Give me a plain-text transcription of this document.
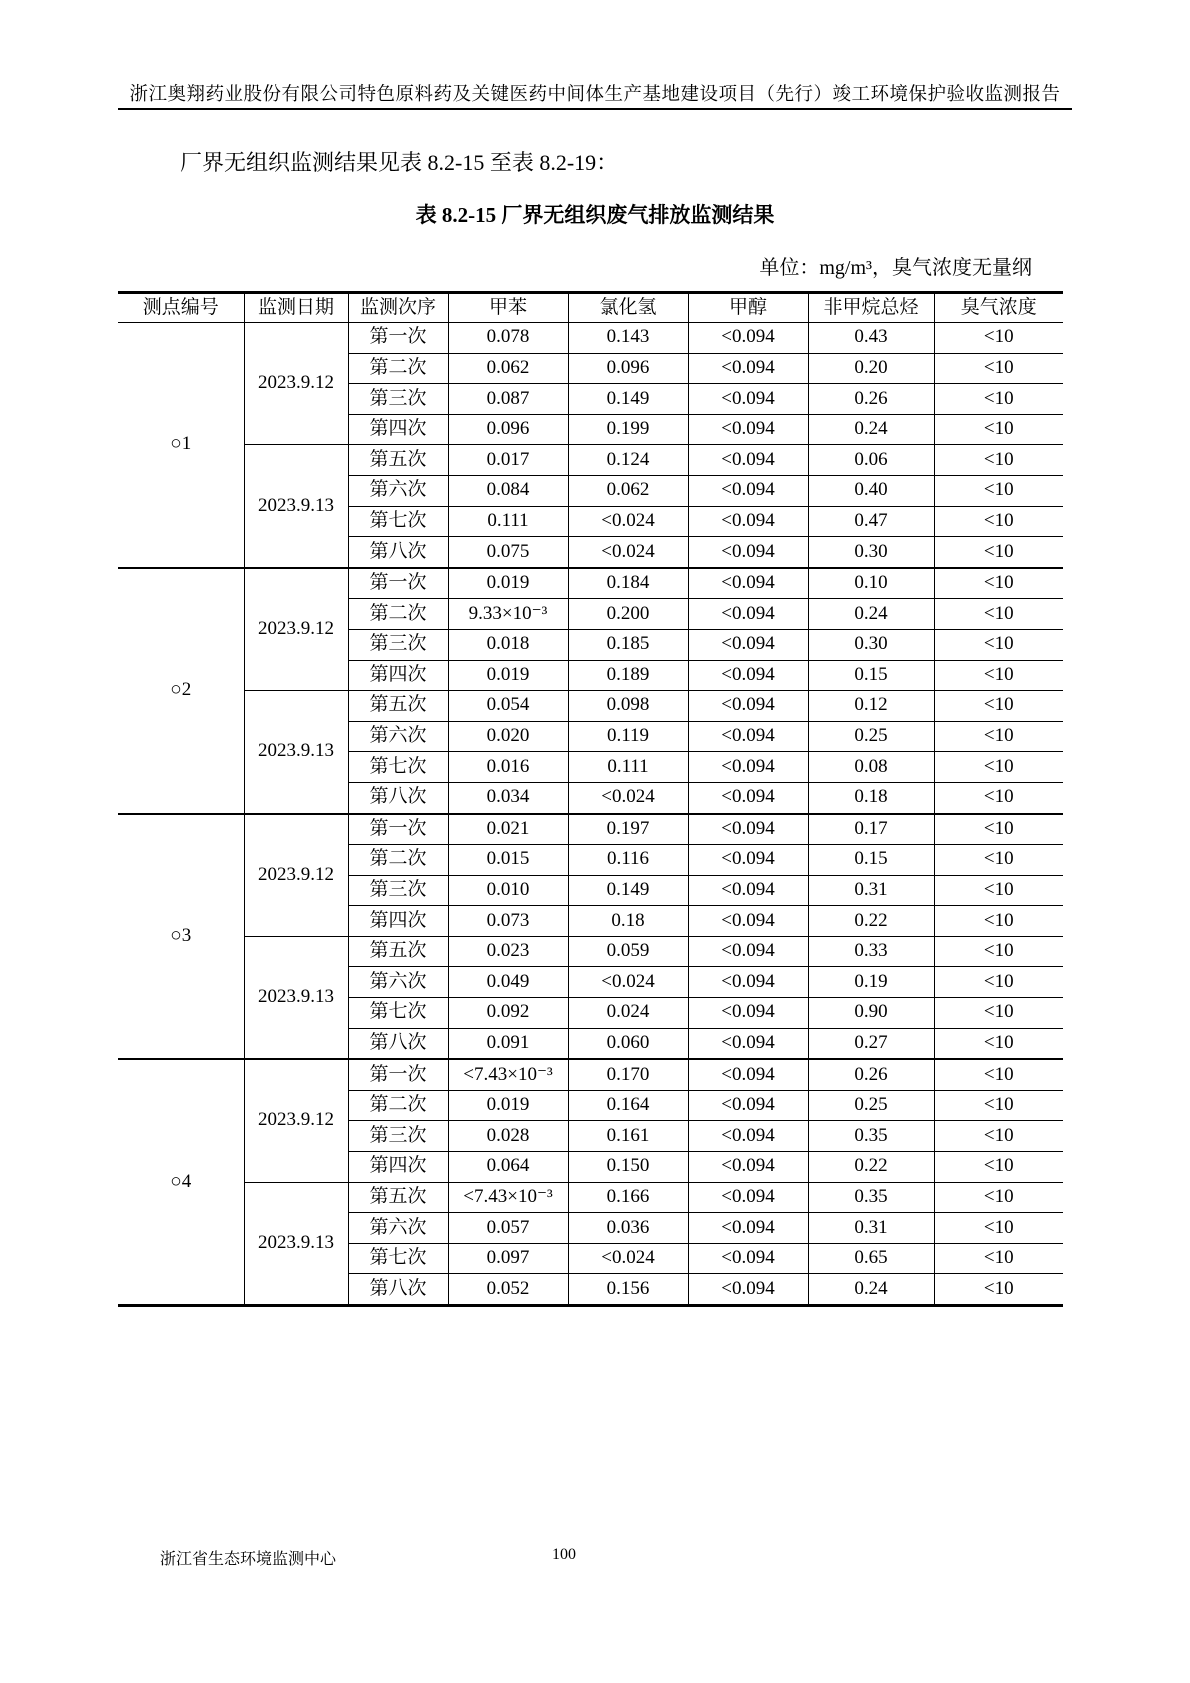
浙江奥翔药业股份有限公司特色原料药及关键医药中间体生产基地建设项目（先行）竣工环境保护验收监测报告
厂界无组织监测结果见表 8.2-15 至表 8.2-19：
表 8.2-15 厂界无组织废气排放监测结果
单位：mg/m³，臭气浓度无量纲
测点编号	监测日期	监测次序	甲苯	氯化氢	甲醇	非甲烷总烃	臭气浓度
○1	2023.9.12	第一次	0.078	0.143	<0.094	0.43	<10
		第二次	0.062	0.096	<0.094	0.20	<10
		第三次	0.087	0.149	<0.094	0.26	<10
		第四次	0.096	0.199	<0.094	0.24	<10
	2023.9.13	第五次	0.017	0.124	<0.094	0.06	<10
		第六次	0.084	0.062	<0.094	0.40	<10
		第七次	0.111	<0.024	<0.094	0.47	<10
		第八次	0.075	<0.024	<0.094	0.30	<10
○2	2023.9.12	第一次	0.019	0.184	<0.094	0.10	<10
		第二次	9.33×10⁻³	0.200	<0.094	0.24	<10
		第三次	0.018	0.185	<0.094	0.30	<10
		第四次	0.019	0.189	<0.094	0.15	<10
	2023.9.13	第五次	0.054	0.098	<0.094	0.12	<10
		第六次	0.020	0.119	<0.094	0.25	<10
		第七次	0.016	0.111	<0.094	0.08	<10
		第八次	0.034	<0.024	<0.094	0.18	<10
○3	2023.9.12	第一次	0.021	0.197	<0.094	0.17	<10
		第二次	0.015	0.116	<0.094	0.15	<10
		第三次	0.010	0.149	<0.094	0.31	<10
		第四次	0.073	0.18	<0.094	0.22	<10
	2023.9.13	第五次	0.023	0.059	<0.094	0.33	<10
		第六次	0.049	<0.024	<0.094	0.19	<10
		第七次	0.092	0.024	<0.094	0.90	<10
		第八次	0.091	0.060	<0.094	0.27	<10
○4	2023.9.12	第一次	<7.43×10⁻³	0.170	<0.094	0.26	<10
		第二次	0.019	0.164	<0.094	0.25	<10
		第三次	0.028	0.161	<0.094	0.35	<10
		第四次	0.064	0.150	<0.094	0.22	<10
	2023.9.13	第五次	<7.43×10⁻³	0.166	<0.094	0.35	<10
		第六次	0.057	0.036	<0.094	0.31	<10
		第七次	0.097	<0.024	<0.094	0.65	<10
		第八次	0.052	0.156	<0.094	0.24	<10
浙江省生态环境监测中心	100
